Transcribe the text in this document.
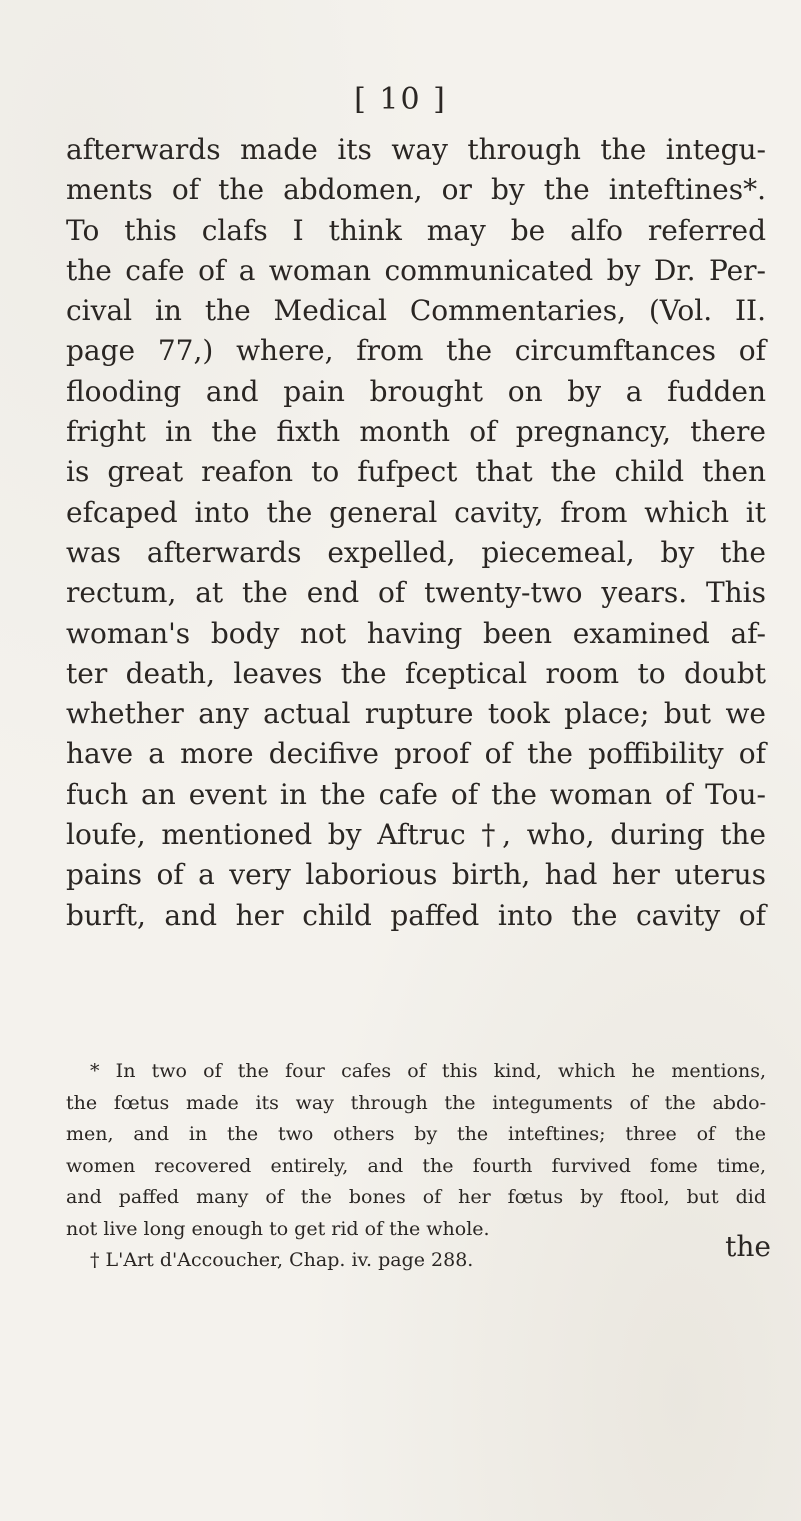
[ 10 ]
afterwards made its way through the integu-
ments of the abdomen, or by the inteftines*.
To this clafs I think may be alfo referred
the cafe of a woman communicated by Dr. Per-
cival in the Medical Commentaries, (Vol. II.
page 77,) where, from the circumftances of
flooding and pain brought on by a fudden
fright in the fixth month of pregnancy, there
is great reafon to fufpect that the child then
efcaped into the general cavity, from which it
was afterwards expelled, piecemeal, by the
rectum, at the end of twenty-two years. This
woman's body not having been examined af-
ter death, leaves the fceptical room to doubt
whether any actual rupture took place; but we
have a more decifive proof of the poffibility of
fuch an event in the cafe of the woman of Tou-
loufe, mentioned by Aftruc †, who, during the
pains of a very laborious birth, had her uterus
burft, and her child paffed into the cavity of
* In two of the four cafes of this kind, which he mentions,
the fœtus made its way through the integuments of the abdo-
men, and in the two others by the inteftines; three of the
women recovered entirely, and the fourth furvived fome time,
and paffed many of the bones of her fœtus by ftool, but did
not live long enough to get rid of the whole.
† L'Art d'Accoucher, Chap. iv. page 288.	the
